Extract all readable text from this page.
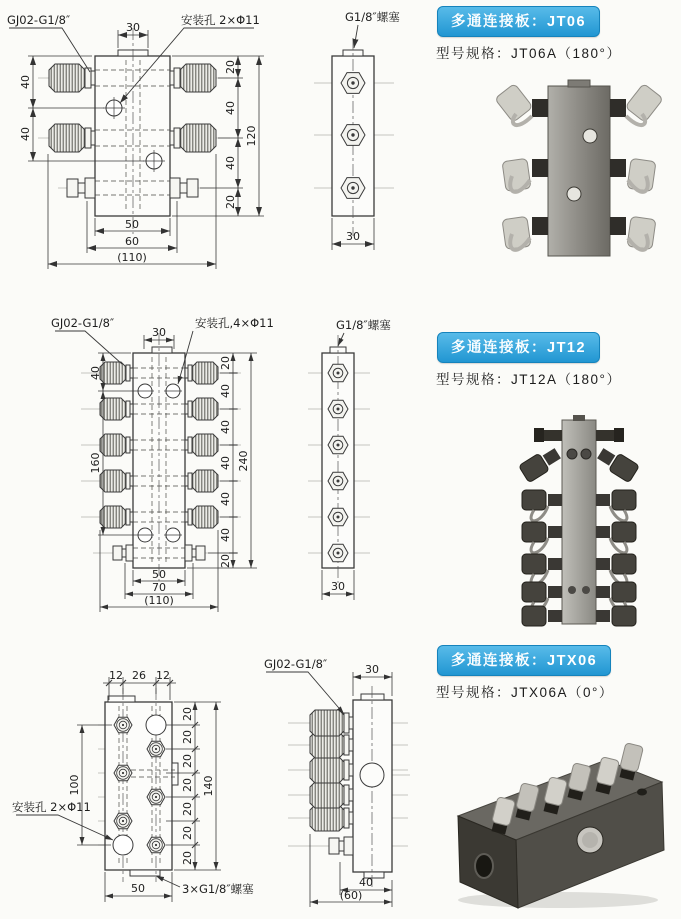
GJ02-G1/8″	安装孔 2×Φ11
30
40
40
20
40
40
20
120
50
60
(110)
G1/8″螺塞
30
多通连接板：JT06
型号规格：JT06A（180°）
GJ02-G1/8″	安装孔,4×Φ11
30
40
160
20
40
40
40
40
40
20
240
50
70
(110)
G1/8″螺塞
30
多通连接板：JT12
型号规格：JT12A（180°）
安装孔 2×Φ11
3×G1/8″螺塞
12 26 12
100
20
20
20
20
20
20
20
140
50
GJ02-G1/8″	30
40
(60)
多通连接板：JTX06
型号规格：JTX06A（0°）
